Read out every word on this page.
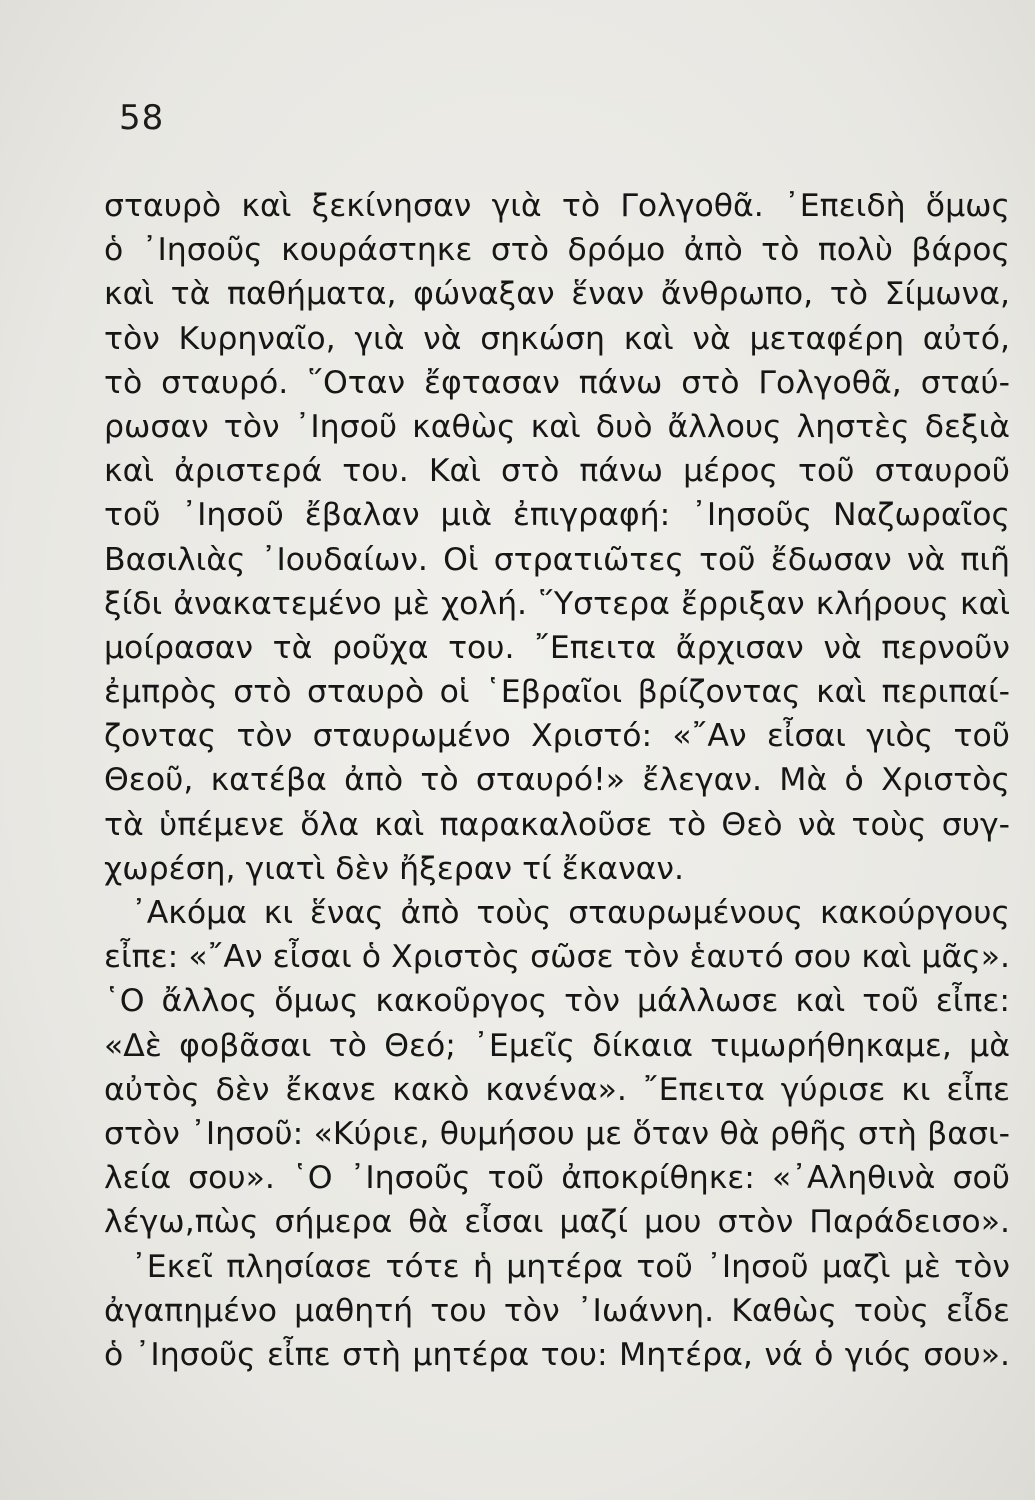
58
σταυρὸ καὶ ξεκίνησαν γιὰ τὸ Γολγοθᾶ. ᾿Επειδὴ ὅμως
ὁ ᾿Ιησοῦς κουράστηκε στὸ δρόμο ἀπὸ τὸ πολὺ βάρος
καὶ τὰ παθήματα, φώναξαν ἕναν ἄνθρωπο, τὸ Σίμωνα,
τὸν Κυρηναῖο, γιὰ νὰ σηκώση καὶ νὰ μεταφέρη αὐτό,
τὸ σταυρό. ῞Οταν ἔφτασαν πάνω στὸ Γολγοθᾶ, σταύ-
ρωσαν τὸν ᾿Ιησοῦ καθὼς καὶ δυὸ ἄλλους ληστὲς δεξιὰ
καὶ ἀριστερά του. Καὶ στὸ πάνω μέρος τοῦ σταυροῦ
τοῦ ᾿Ιησοῦ ἔβαλαν μιὰ ἐπιγραφή: ᾿Ιησοῦς Ναζωραῖος
Βασιλιὰς ᾿Ιουδαίων. Οἱ στρατιῶτες τοῦ ἔδωσαν νὰ πιῆ
ξίδι ἀνακατεμένο μὲ χολή. ῞Υστερα ἔρριξαν κλήρους καὶ
μοίρασαν τὰ ροῦχα του. ῎Επειτα ἄρχισαν νὰ περνοῦν
ἐμπρὸς στὸ σταυρὸ οἱ ῾Εβραῖοι βρίζοντας καὶ περιπαί-
ζοντας τὸν σταυρωμένο Χριστό: «῎Αν εἶσαι γιὸς τοῦ
Θεοῦ, κατέβα ἀπὸ τὸ σταυρό!» ἔλεγαν. Μὰ ὁ Χριστὸς
τὰ ὑπέμενε ὅλα καὶ παρακαλοῦσε τὸ Θεὸ νὰ τοὺς συγ-
χωρέση, γιατὶ δὲν ἤξεραν τί ἔκαναν.
᾿Ακόμα κι ἕνας ἀπὸ τοὺς σταυρωμένους κακούργους
εἶπε: «῎Αν εἶσαι ὁ Χριστὸς σῶσε τὸν ἑαυτό σου καὶ μᾶς».
῾Ο ἄλλος ὅμως κακοῦργος τὸν μάλλωσε καὶ τοῦ εἶπε:
«Δὲ φοβᾶσαι τὸ Θεό; ᾿Εμεῖς δίκαια τιμωρήθηκαμε, μὰ
αὐτὸς δὲν ἔκανε κακὸ κανένα». ῎Επειτα γύρισε κι εἶπε
στὸν ᾿Ιησοῦ: «Κύριε, θυμήσου με ὅταν θὰ ρθῆς στὴ βασι-
λεία σου». ῾Ο ᾿Ιησοῦς τοῦ ἀποκρίθηκε: «᾿Αληθινὰ σοῦ
λέγω,πὼς σήμερα θὰ εἶσαι μαζί μου στὸν Παράδεισο».
᾿Εκεῖ πλησίασε τότε ἡ μητέρα τοῦ ᾿Ιησοῦ μαζὶ μὲ τὸν
ἀγαπημένο μαθητή του τὸν ᾿Ιωάννη. Καθὼς τοὺς εἶδε
ὁ ᾿Ιησοῦς εἶπε στὴ μητέρα του: Μητέρα, νά ὁ γιός σου».
